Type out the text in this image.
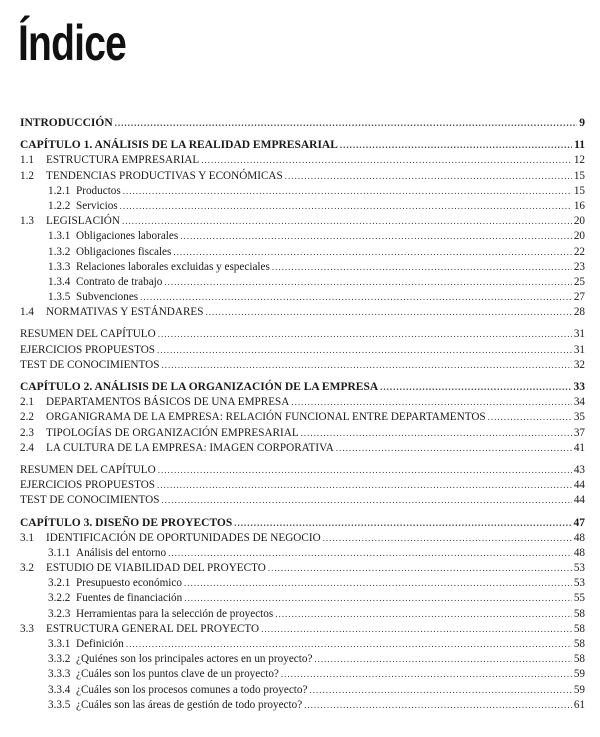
Índice
INTRODUCCIÓN .....	9
CAPÍTULO 1. ANÁLISIS DE LA REALIDAD EMPRESARIAL .....	11
1.1	ESTRUCTURA EMPRESARIAL .....	12
1.2	TENDENCIAS PRODUCTIVAS Y ECONÓMICAS .....	15
1.2.1 Productos .....	15
1.2.2 Servicios .....	16
1.3	LEGISLACIÓN .....	20
1.3.1 Obligaciones laborales .....	20
1.3.2 Obligaciones fiscales .....	22
1.3.3 Relaciones laborales excluidas y especiales .....	23
1.3.4 Contrato de trabajo .....	25
1.3.5 Subvenciones .....	27
1.4	NORMATIVAS Y ESTÁNDARES .....	28
RESUMEN DEL CAPÍTULO .....	31
EJERCICIOS PROPUESTOS .....	31
TEST DE CONOCIMIENTOS .....	32
CAPÍTULO 2. ANÁLISIS DE LA ORGANIZACIÓN DE LA EMPRESA .....	33
2.1	DEPARTAMENTOS BÁSICOS DE UNA EMPRESA .....	34
2.2	ORGANIGRAMA DE LA EMPRESA: RELACIÓN FUNCIONAL ENTRE DEPARTAMENTOS .....	35
2.3	TIPOLOGÍAS DE ORGANIZACIÓN EMPRESARIAL .....	37
2.4	LA CULTURA DE LA EMPRESA: IMAGEN CORPORATIVA .....	41
RESUMEN DEL CAPÍTULO .....	43
EJERCICIOS PROPUESTOS .....	44
TEST DE CONOCIMIENTOS .....	44
CAPÍTULO 3. DISEÑO DE PROYECTOS .....	47
3.1	IDENTIFICACIÓN DE OPORTUNIDADES DE NEGOCIO .....	48
3.1.1 Análisis del entorno .....	48
3.2	ESTUDIO DE VIABILIDAD DEL PROYECTO .....	53
3.2.1 Presupuesto económico .....	53
3.2.2 Fuentes de financiación .....	55
3.2.3 Herramientas para la selección de proyectos .....	58
3.3	ESTRUCTURA GENERAL DEL PROYECTO .....	58
3.3.1 Definición .....	58
3.3.2 ¿Quiénes son los principales actores en un proyecto? .....	58
3.3.3 ¿Cuáles son los puntos clave de un proyecto? .....	59
3.3.4 ¿Cuáles son los procesos comunes a todo proyecto? .....	59
3.3.5 ¿Cuáles son las áreas de gestión de todo proyecto? .....	61
